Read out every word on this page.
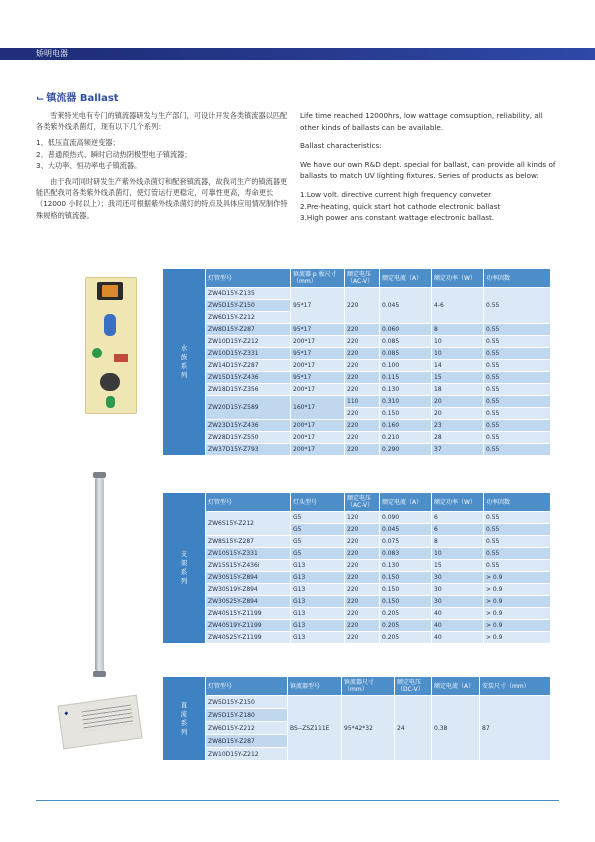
矫明电器
⌙ 镇流器 Ballast

雪莱特光电有专门的镇流器研发与生产部门，可设计开发各类镇流器以匹配各类紫外线杀菌灯，现有以下几个系列：

1、低压直流高频逆变器；

2、普通预热式、瞬时启动热阴极型电子镇流器；

3、大功率、恒功率电子镇流器。

由于我司同时研发生产紫外线杀菌灯和配套镇流器，故我司生产的镇流器更能匹配我司各类紫外线杀菌灯，使灯管运行更稳定，可靠性更高，寿命更长（12000 小时以上）；我司还可根据紫外线杀菌灯的特点及具体应用情况制作特殊规格的镇流器。

Life time reached 12000hrs, low wattage comsuption, reliability, all other kinds of ballasts can be available.

Ballast characteristics:

We have our own R&D dept. special for ballast, can provide all kinds of ballasts to match UV lighting fixtures. Series of products as below:

1.Low volt. directive current high frequency conveter

2.Pre-heating, quick start hot cathode electronic ballast

3.High power ans constant wattage electronic ballast.

◆
水
族
系
列	灯管型号	镇流器 p 板尺寸（mm）	额定电压（AC-V）	额定电流（A）	额定功率（W）	功率因数
	ZW4D15Y-Z135	95*17	220	0.045	4-6	0.55
	ZW5D15Y-Z150					
	ZW6D15Y-Z212					
	ZW8D15Y-Z287	95*17	220	0.060	8	0.55
	ZW10D15Y-Z212	200*17	220	0.085	10	0.55
	ZW10D15Y-Z331	95*17	220	0.085	10	0.55
	ZW14D15Y-Z287	200*17	220	0.100	14	0.55
	ZW15D15Y-Z436	95*17	220	0.115	15	0.55
	ZW18D15Y-Z356	200*17	220	0.130	18	0.55
	ZW20D15Y-Z589	160*17	110	0.310	20	0.55
			220	0.150	20	0.55
	ZW23D15Y-Z436	200*17	220	0.160	23	0.55
	ZW28D15Y-Z550	200*17	220	0.210	28	0.55
	ZW37D15Y-Z793	200*17	220	0.290	37	0.55
支
架
系
列	灯管型号	灯头型号	额定电压（AC-V）	额定电流（A）	额定功率（W）	功率因数
	ZW6S15Y-Z212	G5	120	0.090	6	0.55
		G5	220	0.045	6	0.55
	ZW8S15Y-Z287	G5	220	0.075	8	0.55
	ZW10S15Y-Z331	G5	220	0.083	10	0.55
	ZW15S15Y-Z436i	G13	220	0.130	15	0.55
	ZW30S15Y-Z894	G13	220	0.150	30	> 0.9
	ZW30S19Y-Z894	G13	220	0.150	30	> 0.9
	ZW30S25Y-Z894	G13	220	0.150	30	> 0.9
	ZW40S15Y-Z1199	G13	220	0.205	40	> 0.9
	ZW40S19Y-Z1199	G13	220	0.205	40	> 0.9
	ZW40S25Y-Z1199	G13	220	0.205	40	> 0.9
直
流
系
列	灯管型号	镇流器型号	镇流器尺寸（mm）	额定电压（DC-V）	额定电流（A）	安装尺寸（mm）
	ZW5D15Y-Z150	BS--ZSZ111E	95*42*32	24	0.38	87
	ZW5D15Y-Z180					
	ZW6D15Y-Z212					
	ZW8D15Y-Z287					
	ZW10D15Y-Z212					
